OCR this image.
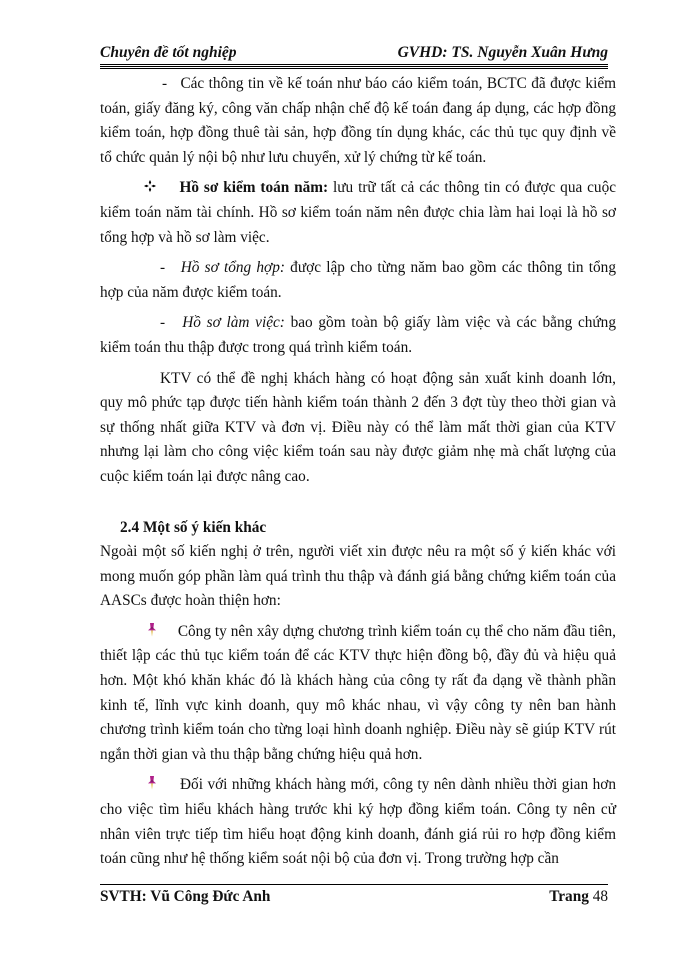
Chuyên đề tốt nghiệp	GVHD: TS. Nguyễn Xuân Hưng

- Các thông tin về kế toán như báo cáo kiểm toán, BCTC đã được kiểm toán, giấy đăng ký, công văn chấp nhận chế độ kế toán đang áp dụng, các hợp đồng kiểm toán, hợp đồng thuê tài sản, hợp đồng tín dụng khác, các thủ tục quy định về tổ chức quản lý nội bộ như lưu chuyển, xử lý chứng từ kế toán.

Hồ sơ kiểm toán năm: lưu trữ tất cả các thông tin có được qua cuộc kiểm toán năm tài chính. Hồ sơ kiểm toán năm nên được chia làm hai loại là hồ sơ tổng hợp và hồ sơ làm việc.

-   Hồ sơ tổng hợp: được lập cho từng năm bao gồm các thông tin tổng hợp của năm được kiểm toán.

-   Hồ sơ làm việc: bao gồm toàn bộ giấy làm việc và các bằng chứng kiểm toán thu thập được trong quá trình kiểm toán.

KTV có thể đề nghị khách hàng có hoạt động sản xuất kinh doanh lớn, quy mô phức tạp được tiến hành kiểm toán thành 2 đến 3 đợt tùy theo thời gian và sự thống nhất giữa KTV và đơn vị. Điều này có thể làm mất thời gian của KTV nhưng lại làm cho công việc kiểm toán sau này được giảm nhẹ mà chất lượng của cuộc kiểm toán lại được nâng cao.

2.4 Một số ý kiến khác

Ngoài một số kiến nghị ở trên, người viết xin được nêu ra một số ý kiến khác với mong muốn góp phần làm quá trình thu thập và đánh giá bằng chứng kiểm toán của AASCs được hoàn thiện hơn:

Công ty nên xây dựng chương trình kiểm toán cụ thể cho năm đầu tiên, thiết lập các thủ tục kiểm toán để các KTV thực hiện đồng bộ, đầy đủ và hiệu quả hơn. Một khó khăn khác đó là khách hàng của công ty rất đa dạng về thành phần kinh tế, lĩnh vực kinh doanh, quy mô khác nhau, vì vậy công ty nên ban hành chương trình kiểm toán cho từng loại hình doanh nghiệp. Điều này sẽ giúp KTV rút ngắn thời gian và thu thập bằng chứng hiệu quả hơn.

Đối với những khách hàng mới, công ty nên dành nhiều thời gian hơn cho việc tìm hiểu khách hàng trước khi ký hợp đồng kiểm toán. Công ty nên cử nhân viên trực tiếp tìm hiểu hoạt động kinh doanh, đánh giá rủi ro hợp đồng kiểm toán cũng như hệ thống kiểm soát nội bộ của đơn vị. Trong trường hợp cần

SVTH: Vũ Công Đức Anh	Trang 48
